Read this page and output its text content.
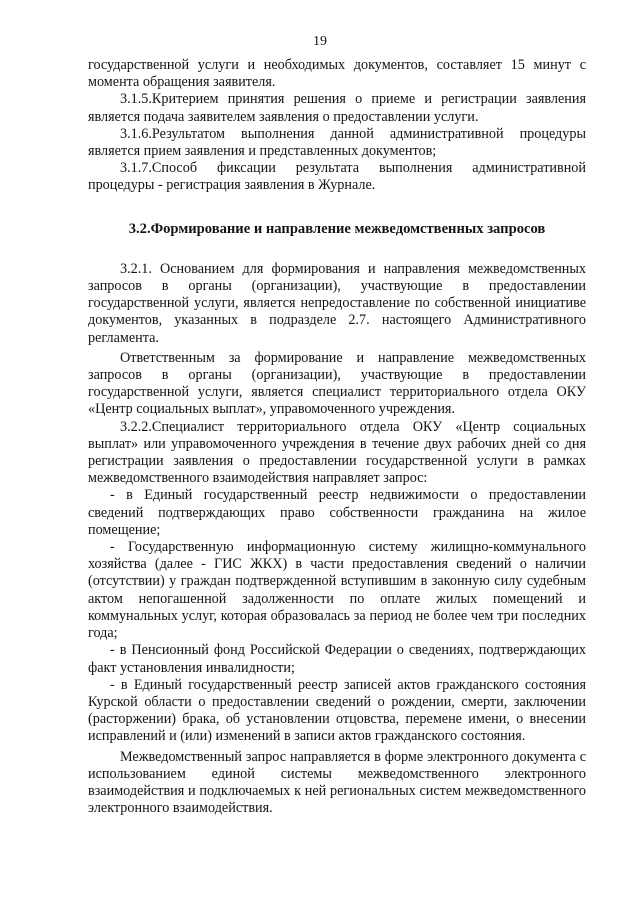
19

государственной услуги и необходимых документов, составляет 15 минут с момента обращения заявителя.

3.1.5.Критерием принятия решения о приеме и регистрации заявления является подача заявителем заявления о предоставлении услуги.

3.1.6.Результатом выполнения данной административной процедуры является прием заявления и представленных документов;

3.1.7.Способ фиксации результата выполнения административной процедуры - регистрация заявления в Журнале.

3.2.Формирование и направление межведомственных запросов

3.2.1. Основанием для формирования и направления межведомственных запросов в органы (организации), участвующие в предоставлении государственной услуги, является непредоставление по собственной инициативе документов, указанных в подразделе 2.7. настоящего Административного регламента.

Ответственным за формирование и направление межведомственных запросов в органы (организации), участвующие в предоставлении государственной услуги, является специалист территориального отдела ОКУ «Центр социальных выплат», управомоченного учреждения.

3.2.2.Специалист территориального отдела ОКУ «Центр социальных выплат» или управомоченного учреждения в течение двух рабочих дней со дня регистрации заявления о предоставлении государственной услуги в рамках межведомственного взаимодействия направляет запрос:

- в Единый государственный реестр недвижимости о предоставлении сведений подтверждающих право собственности гражданина на жилое помещение;

- Государственную информационную систему жилищно-коммунального хозяйства (далее - ГИС ЖКХ) в части предоставления сведений о наличии (отсутствии) у граждан подтвержденной вступившим в законную силу судебным актом непогашенной задолженности по оплате жилых помещений и коммунальных услуг, которая образовалась за период не более чем три последних года;

- в Пенсионный фонд Российской Федерации о сведениях, подтверждающих факт установления инвалидности;

- в Единый государственный реестр записей актов гражданского состояния Курской области о предоставлении сведений о рождении, смерти, заключении (расторжении) брака, об установлении отцовства, перемене имени, о внесении исправлений и (или) изменений в записи актов гражданского состояния.

Межведомственный запрос направляется в форме электронного документа с использованием единой системы межведомственного электронного взаимодействия и подключаемых к ней региональных систем межведомственного электронного взаимодействия.
